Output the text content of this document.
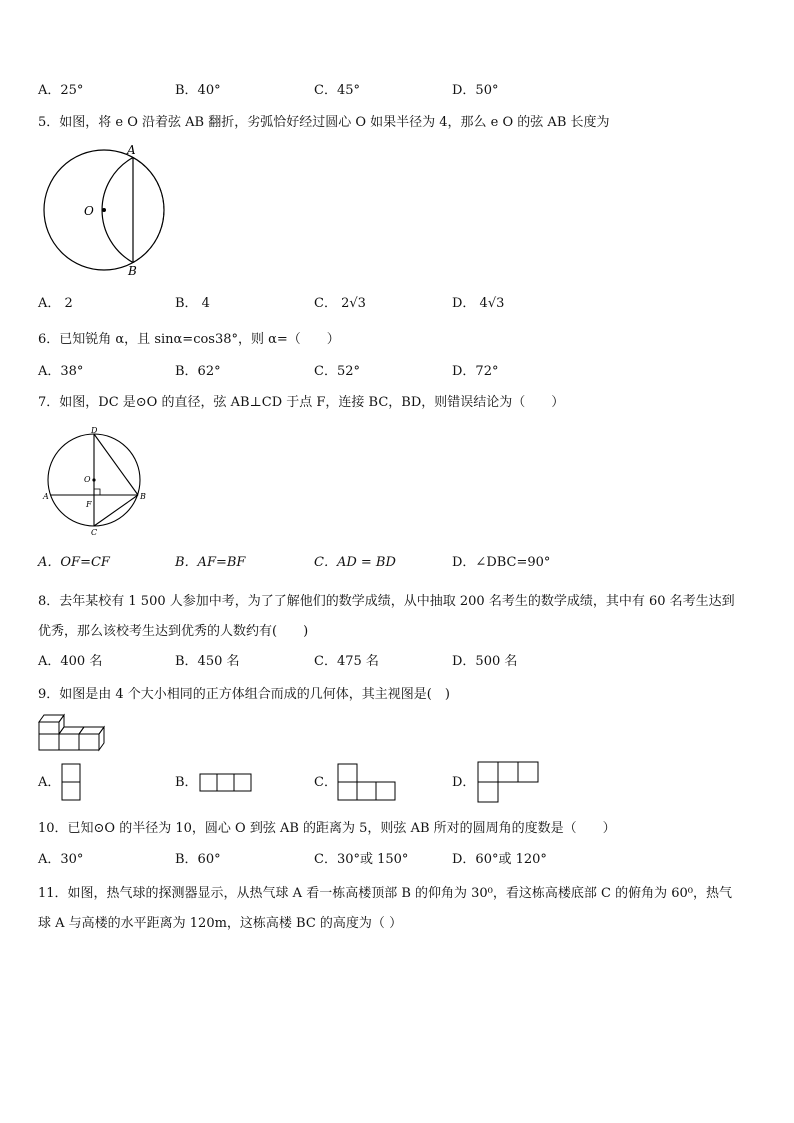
A．25°	B．40°	C．45°	D．50°
5．如图，将 e O 沿着弦 AB 翻折，劣弧恰好经过圆心 O 如果半径为 4，那么 e O 的弦 AB 长度为
A
B
O
A． 2	B． 4	C． 2√3	D． 4√3
6．已知锐角 α，且 sinα=cos38°，则 α=（　　）
A．38°	B．62°	C．52°	D．72°
7．如图，DC 是⊙O 的直径，弦 AB⊥CD 于点 F，连接 BC，BD，则错误结论为（　　）
D
O
A	B
F
C
A．OF=CF	B．AF=BF	C．AD = BD	D．∠DBC=90°
8．去年某校有 1 500 人参加中考，为了了解他们的数学成绩，从中抽取 200 名考生的数学成绩，其中有 60 名考生达到
优秀，那么该校考生达到优秀的人数约有(　　)
A．400 名	B．450 名	C．475 名	D．500 名
9．如图是由 4 个大小相同的正方体组合而成的几何体，其主视图是(　)
A．	B．	C．	D．
10．已知⊙O 的半径为 10，圆心 O 到弦 AB 的距离为 5，则弦 AB 所对的圆周角的度数是（　　）
A．30°	B．60°	C．30°或 150°	D．60°或 120°
11．如图，热气球的探测器显示，从热气球 A 看一栋高楼顶部 B 的仰角为 30⁰，看这栋高楼底部 C 的俯角为 60⁰，热气
球 A 与高楼的水平距离为 120m，这栋高楼 BC 的高度为（ ）
